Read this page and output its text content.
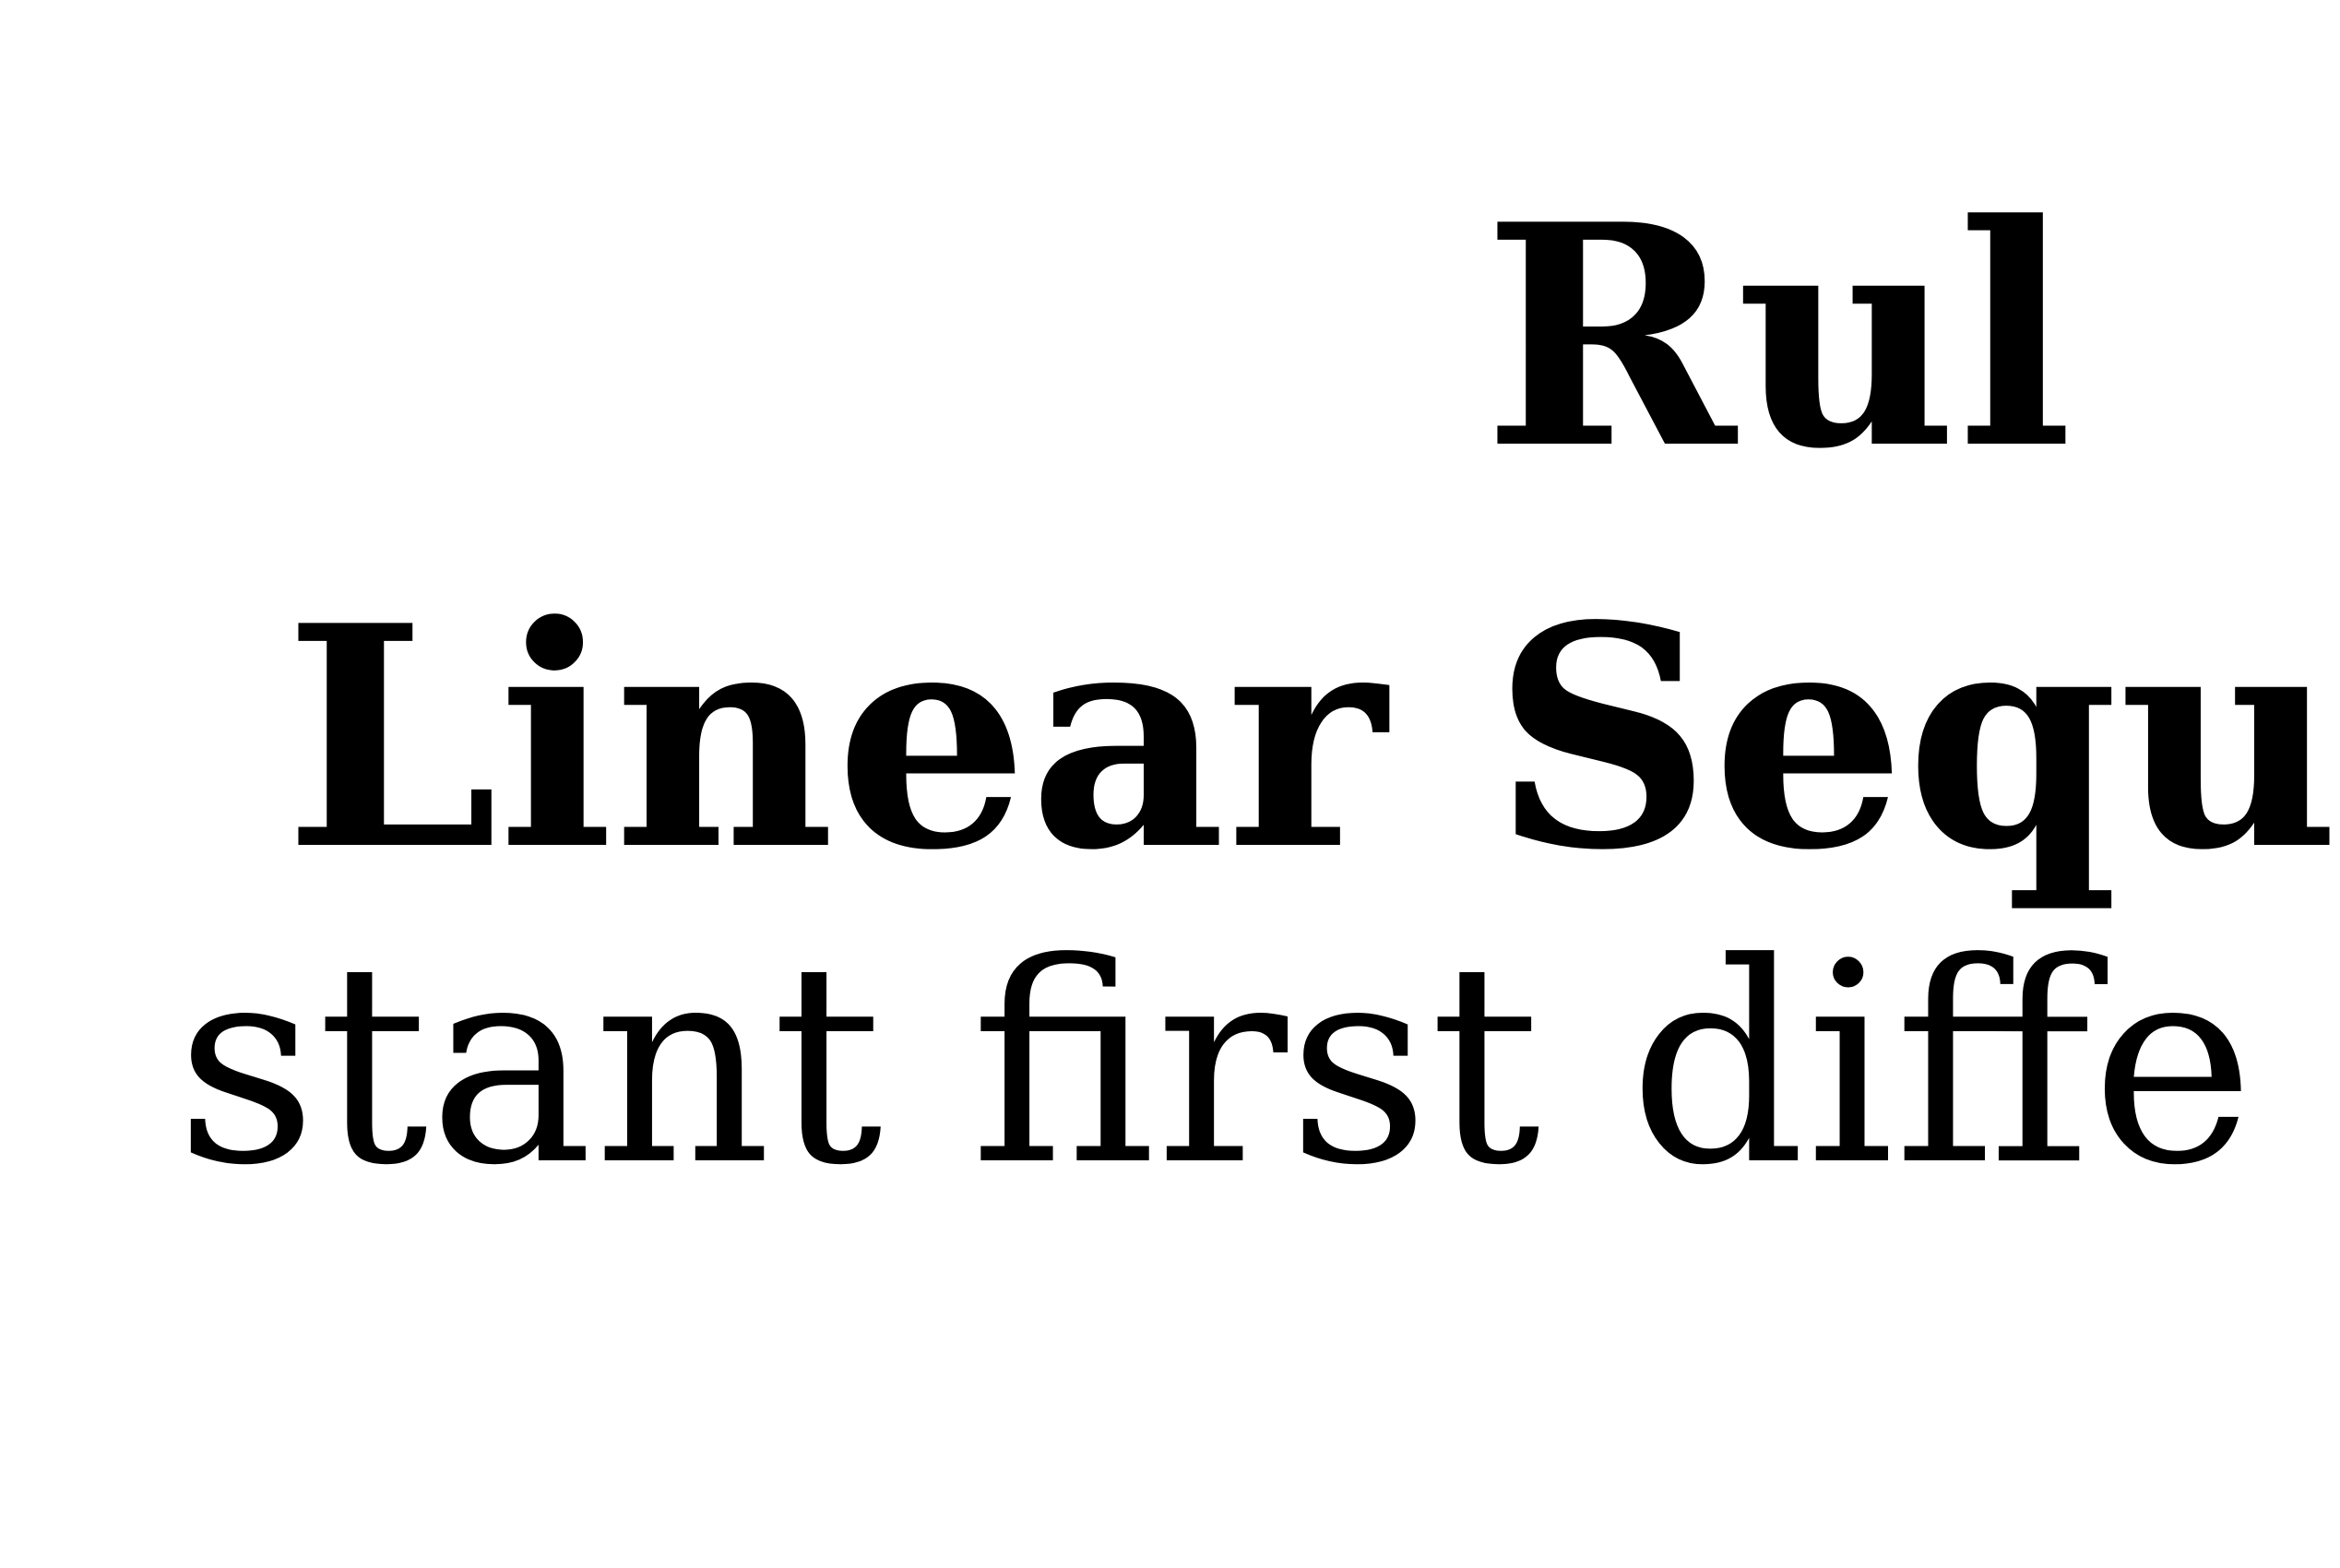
Rul
Linear Sequ

stant first diffe
